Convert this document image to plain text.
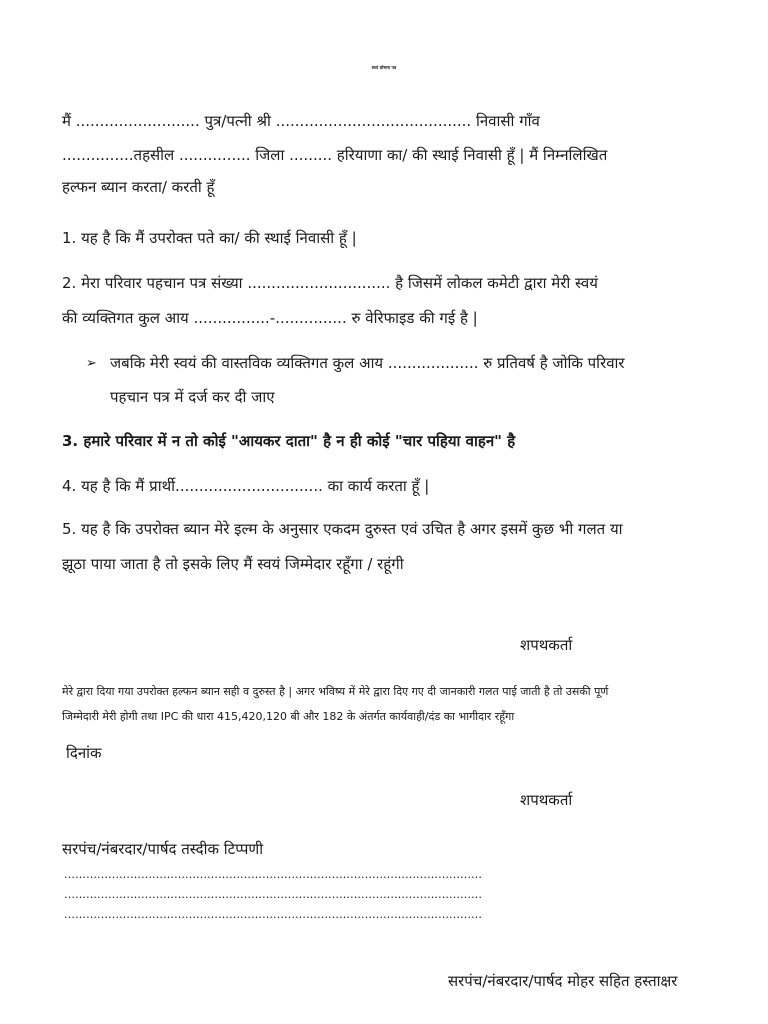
स्वयं घोषणा पत्र
मैं .......................... पुत्र/पत्नी श्री ......................................... निवासी गाँव
...............तहसील ............... जिला ......... हरियाणा का/ की स्थाई निवासी हूँ | मैं निम्नलिखित
हल्फन ब्यान करता/ करती हूँ
1. यह है कि मैं उपरोक्त पते का/ की स्थाई निवासी हूँ |
2. मेरा परिवार पहचान पत्र संख्या .............................. है जिसमें लोकल कमेटी द्वारा मेरी स्वयं
की व्यक्तिगत कुल आय ................-............... रु वेरिफाइड की गई है |
➢ जबकि मेरी स्वयं की वास्तविक व्यक्तिगत कुल आय ................... रु प्रतिवर्ष है जोकि परिवार
पहचान पत्र में दर्ज कर दी जाए
3. हमारे परिवार में न तो कोई "आयकर दाता" है न ही कोई "चार पहिया वाहन" है
4. यह है कि मैं प्रार्थी............................... का कार्य करता हूँ |
5. यह है कि उपरोक्त ब्यान मेरे इल्म के अनुसार एकदम दुरुस्त एवं उचित है अगर इसमें कुछ भी गलत या
झूठा पाया जाता है तो इसके लिए मैं स्वयं जिम्मेदार रहूँगा / रहूंगी
शपथकर्ता
मेरे द्वारा दिया गया उपरोक्त हल्फन ब्यान सही व दुरुस्त है | अगर भविष्य में मेरे द्वारा दिए गए दी जानकारी गलत पाई जाती है तो उसकी पूर्ण
जिम्मेदारी मेरी होगी तथा IPC की धारा 415,420,120 बी और 182 के अंतर्गत कार्यवाही/दंड का भागीदार रहूँगा
दिनांक
शपथकर्ता
सरपंच/नंबरदार/पार्षद तस्दीक टिप्पणी
……………………………………………………………………………………………………
……………………………………………………………………………………………………
……………………………………………………………………………………………………
सरपंच/नंबरदार/पार्षद मोहर सहित हस्ताक्षर
